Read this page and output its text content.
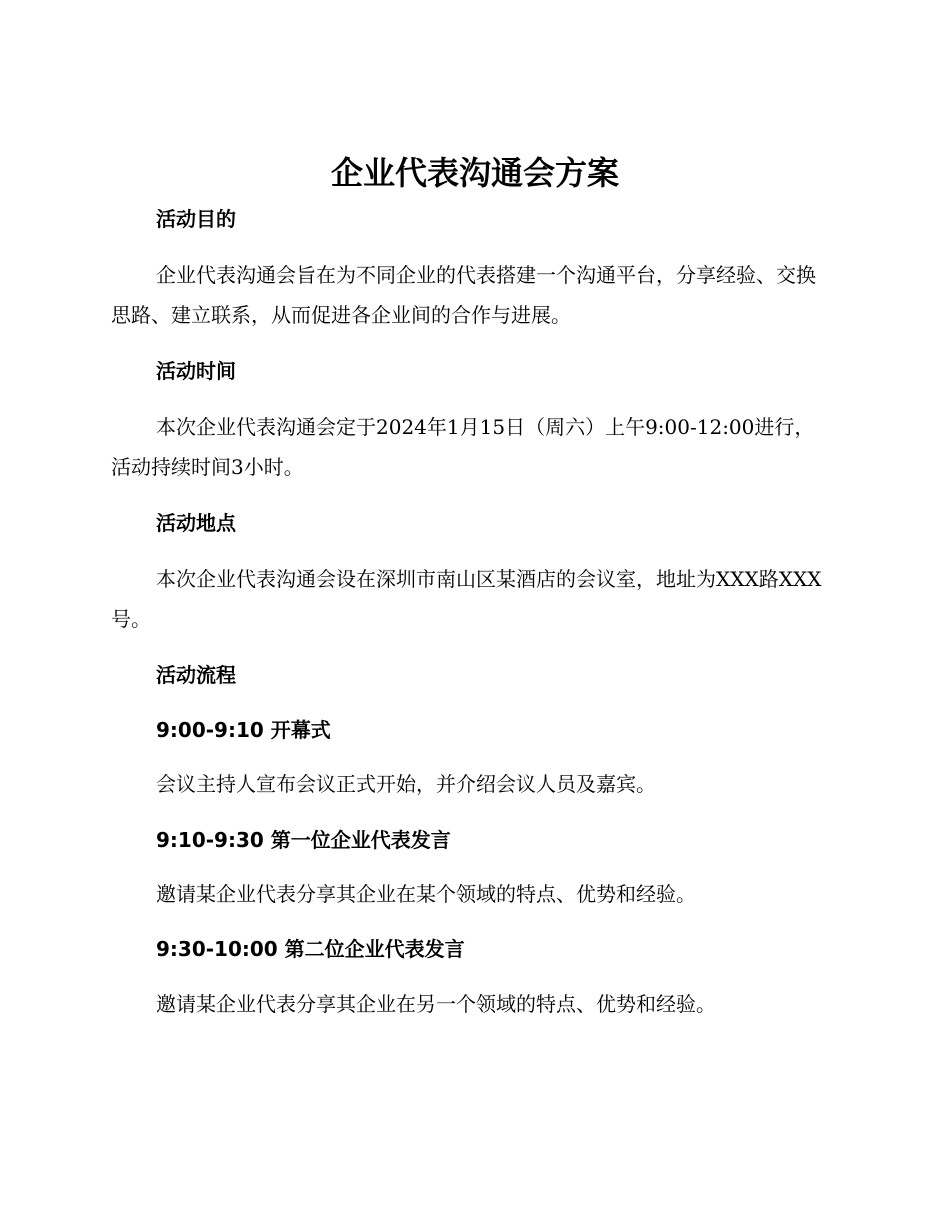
企业代表沟通会方案
活动目的

企业代表沟通会旨在为不同企业的代表搭建一个沟通平台，分享经验、交换思路、建立联系，从而促进各企业间的合作与进展。

活动时间

本次企业代表沟通会定于2024年1月15日（周六）上午9:00-12:00进行，活动持续时间3小时。

活动地点

本次企业代表沟通会设在深圳市南山区某酒店的会议室，地址为XXX路XXX号。

活动流程
9:00-9:10 开幕式

会议主持人宣布会议正式开始，并介绍会议人员及嘉宾。

9:10-9:30 第一位企业代表发言

邀请某企业代表分享其企业在某个领域的特点、优势和经验。

9:30-10:00 第二位企业代表发言

邀请某企业代表分享其企业在另一个领域的特点、优势和经验。
